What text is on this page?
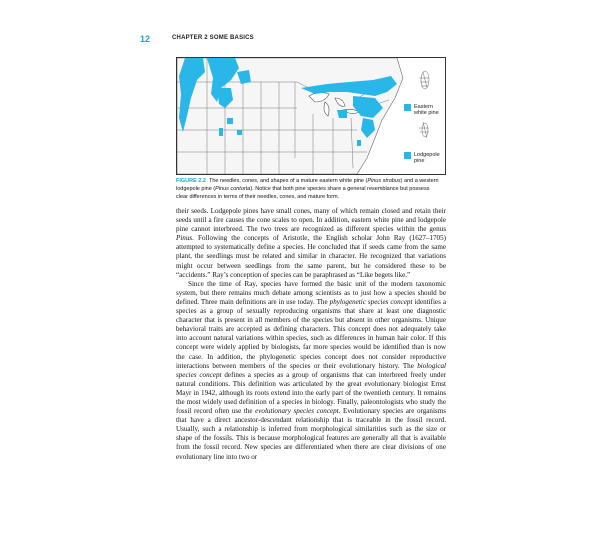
12	CHAPTER 2 SOME BASICS
Eastern
white pine
Lodgepole
pine
FIGURE 2.2 The needles, cones, and shapes of a mature eastern white pine (Pinus strobus) and a western lodgepole pine (Pinus contorta). Notice that both pine species share a general resemblance but possess clear differences in terms of their needles, cones, and mature form.

their seeds. Lodgepole pines have small cones, many of which remain closed and retain their seeds until a fire causes the cone scales to open. In addition, eastern white pine and lodgepole pine cannot interbreed. The two trees are recognized as different species within the genus Pinus. Following the concepts of Aristotle, the English scholar John Ray (1627–1705) attempted to systematically define a species. He concluded that if seeds came from the same plant, the seedlings must be related and similar in character. He recognized that variations might occur between seedlings from the same parent, but he considered these to be “accidents.” Ray’s conception of species can be paraphrased as “Like begets like.”

Since the time of Ray, species have formed the basic unit of the modern taxonomic system, but there remains much debate among scientists as to just how a species should be defined. Three main definitions are in use today. The phylogenetic species concept identifies a species as a group of sexually reproducing organisms that share at least one diagnostic character that is present in all members of the species but absent in other organisms. Unique behavioral traits are accepted as defining characters. This concept does not adequately take into account natural variations within species, such as differences in human hair color. If this concept were widely applied by biologists, far more species would be identified than is now the case. In addition, the phylogenetic species concept does not consider reproductive interactions between members of the species or their evolutionary history. The biological species concept defines a species as a group of organisms that can interbreed freely under natural conditions. This definition was articulated by the great evolutionary biologist Ernst Mayr in 1942, although its roots extend into the early part of the twentieth century. It remains the most widely used definition of a species in biology. Finally, paleontologists who study the fossil record often use the evolutionary species concept. Evolutionary species are organisms that have a direct ancestor-descendant relationship that is traceable in the fossil record. Usually, such a relationship is inferred from morphological similarities such as the size or shape of the fossils. This is because morphological features are generally all that is available from the fossil record. New species are differentiated when there are clear divisions of one evolutionary line into two or
